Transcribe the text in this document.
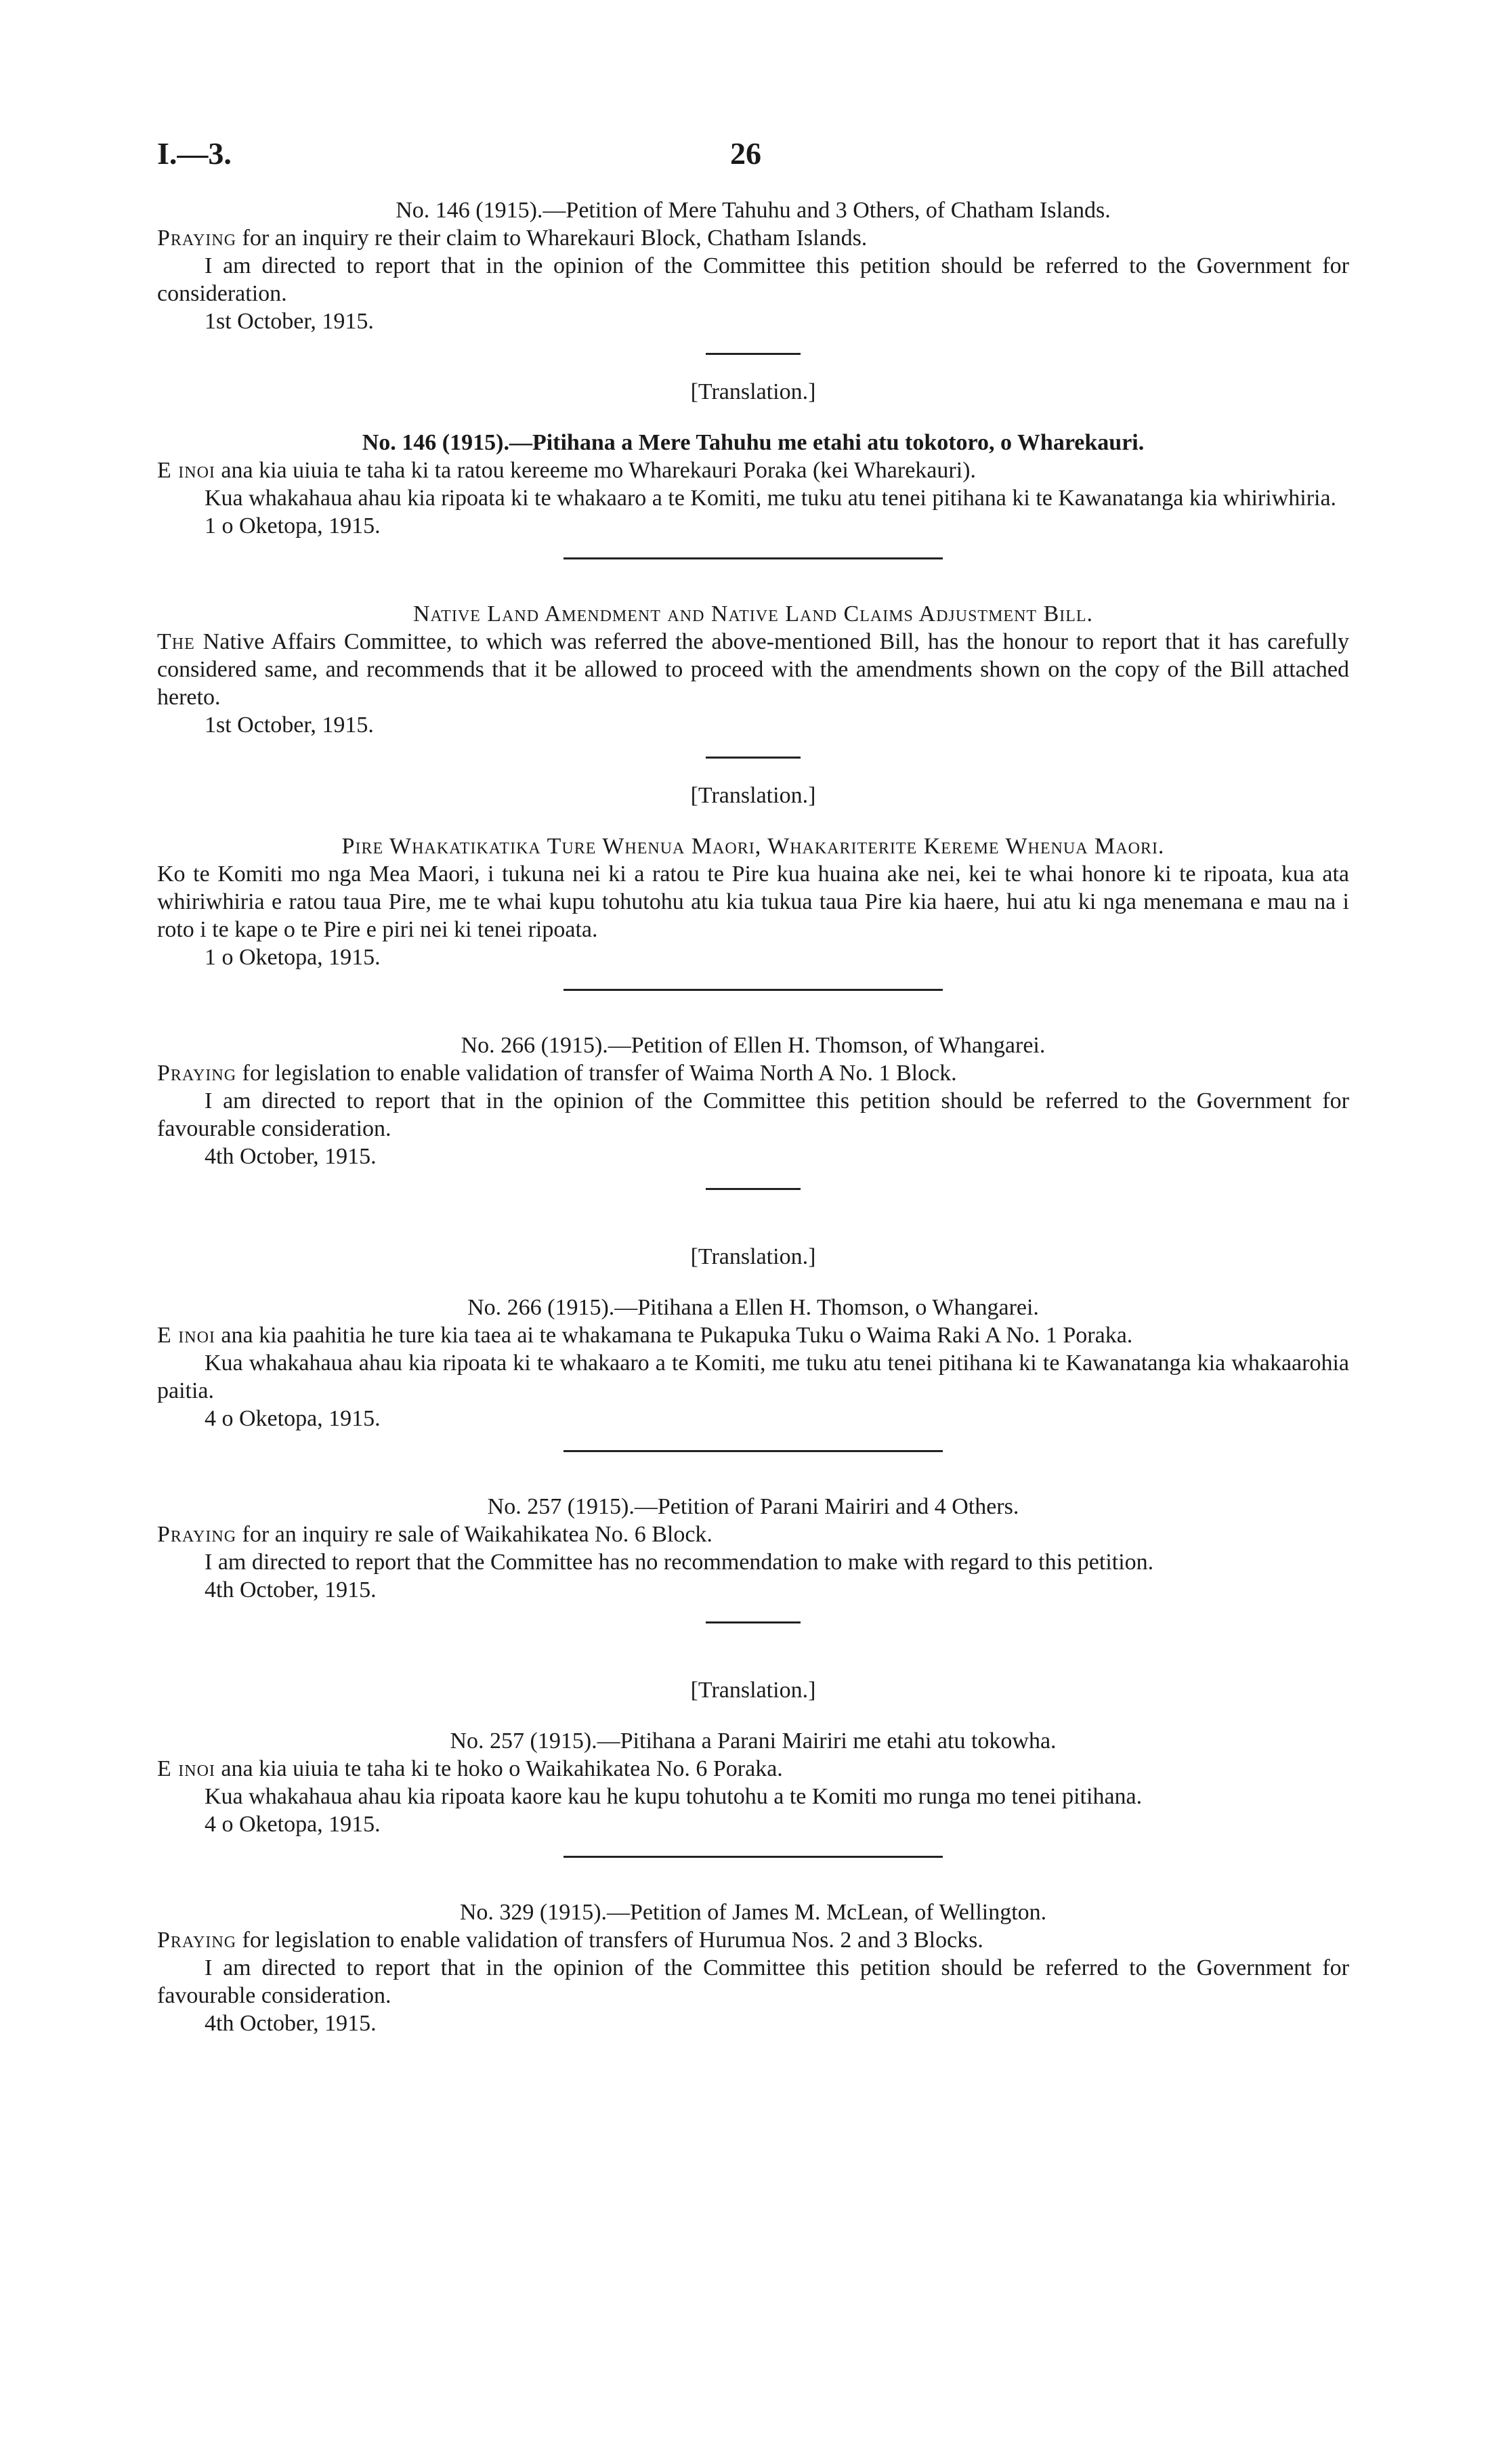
I.—3.	26

No. 146 (1915).—Petition of Mere Tahuhu and 3 Others, of Chatham Islands.

Praying for an inquiry re their claim to Wharekauri Block, Chatham Islands.

I am directed to report that in the opinion of the Committee this petition should be referred to the Government for consideration.

1st October, 1915.

[Translation.]

No. 146 (1915).—Pitihana a Mere Tahuhu me etahi atu tokotoro, o Wharekauri.

E inoi ana kia uiuia te taha ki ta ratou kereeme mo Wharekauri Poraka (kei Wharekauri).

Kua whakahaua ahau kia ripoata ki te whakaaro a te Komiti, me tuku atu tenei pitihana ki te Kawanatanga kia whiriwhiria.

1 o Oketopa, 1915.

Native Land Amendment and Native Land Claims Adjustment Bill.

The Native Affairs Committee, to which was referred the above-mentioned Bill, has the honour to report that it has carefully considered same, and recommends that it be allowed to proceed with the amendments shown on the copy of the Bill attached hereto.

1st October, 1915.

[Translation.]

Pire Whakatikatika Ture Whenua Maori, Whakariterite Kereme Whenua Maori.

Ko te Komiti mo nga Mea Maori, i tukuna nei ki a ratou te Pire kua huaina ake nei, kei te whai honore ki te ripoata, kua ata whiriwhiria e ratou taua Pire, me te whai kupu tohutohu atu kia tukua taua Pire kia haere, hui atu ki nga menemana e mau na i roto i te kape o te Pire e piri nei ki tenei ripoata.

1 o Oketopa, 1915.

No. 266 (1915).—Petition of Ellen H. Thomson, of Whangarei.

Praying for legislation to enable validation of transfer of Waima North A No. 1 Block.

I am directed to report that in the opinion of the Committee this petition should be referred to the Government for favourable consideration.

4th October, 1915.

[Translation.]

No. 266 (1915).—Pitihana a Ellen H. Thomson, o Whangarei.

E inoi ana kia paahitia he ture kia taea ai te whakamana te Pukapuka Tuku o Waima Raki A No. 1 Poraka.

Kua whakahaua ahau kia ripoata ki te whakaaro a te Komiti, me tuku atu tenei pitihana ki te Kawanatanga kia whakaarohia paitia.

4 o Oketopa, 1915.

No. 257 (1915).—Petition of Parani Mairiri and 4 Others.

Praying for an inquiry re sale of Waikahikatea No. 6 Block.

I am directed to report that the Committee has no recommendation to make with regard to this petition.

4th October, 1915.

[Translation.]

No. 257 (1915).—Pitihana a Parani Mairiri me etahi atu tokowha.

E inoi ana kia uiuia te taha ki te hoko o Waikahikatea No. 6 Poraka.

Kua whakahaua ahau kia ripoata kaore kau he kupu tohutohu a te Komiti mo runga mo tenei pitihana.

4 o Oketopa, 1915.

No. 329 (1915).—Petition of James M. McLean, of Wellington.

Praying for legislation to enable validation of transfers of Hurumua Nos. 2 and 3 Blocks.

I am directed to report that in the opinion of the Committee this petition should be referred to the Government for favourable consideration.

4th October, 1915.
